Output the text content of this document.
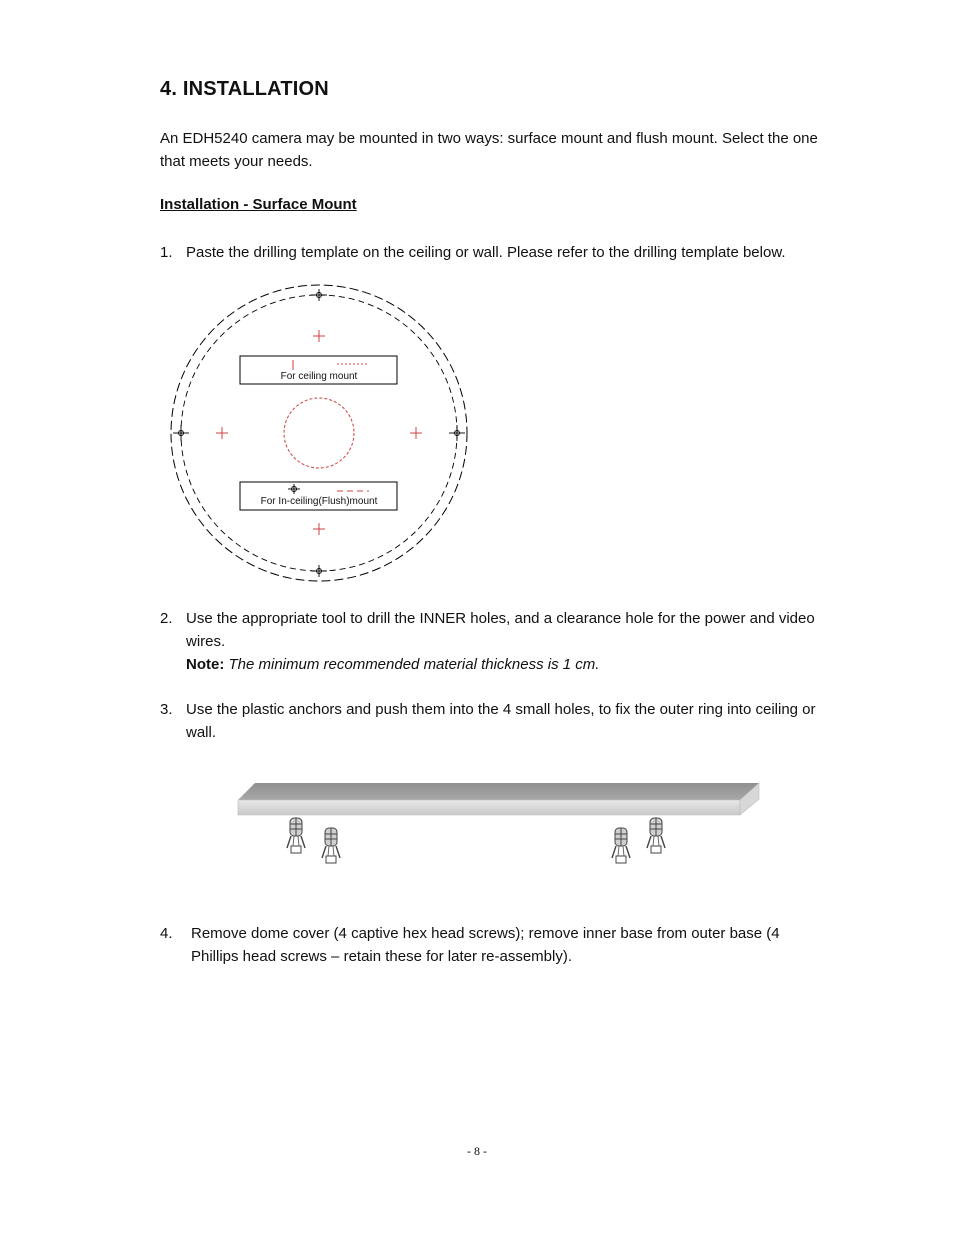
4. INSTALLATION
An EDH5240 camera may be mounted in two ways: surface mount and flush mount. Select the one that meets your needs.
Installation - Surface Mount
1. Paste the drilling template on the ceiling or wall. Please refer to the drilling template below.
For ceiling mount
For In-ceiling(Flush)mount
2. Use the appropriate tool to drill the INNER holes, and a clearance hole for the power and video wires.
Note: The minimum recommended material thickness is 1 cm.
3. Use the plastic anchors and push them into the 4 small holes, to fix the outer ring into ceiling or wall.
4. Remove dome cover (4 captive hex head screws); remove inner base from outer base (4 Phillips head screws – retain these for later re-assembly).
- 8 -
